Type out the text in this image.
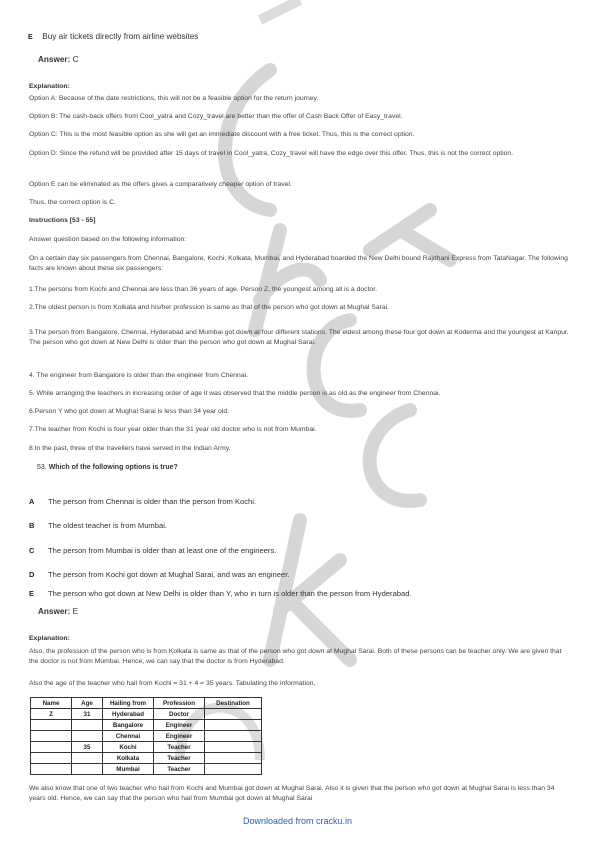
E Buy air tickets directly from airline websites
Answer: C
Explanation:
Option A: Because of the date restrictions, this will not be a feasible option for the return journey.
Option B: The cash-back offers from Cool_yatra and Cozy_travel are better than the offer of Cash Back Offer of Easy_travel.
Option C: This is the most feasible option as she will get an immediate discount with a free ticket. Thus, this is the correct option.
Option D: Since the refund will be provided after 15 days of travel in Cool_yatra, Cozy_travel will have the edge over this offer. Thus, this is not the correct option.
Option E can be eliminated as the offers gives a comparatively cheaper option of travel.
Thus, the correct option is C.
Instructions [53 - 55]
Answer question based on the following information:
On a certain day six passengers from Chennai, Bangalore, Kochi, Kolkata, Mumbai, and Hyderabad boarded the New Delhi bound Rajdhani Express from TataNagar. The following facts are known about these six passengers:
1.The persons from Kochi and Chennai are less than 36 years of age. Person Z, the youngest among all is a doctor.
2.The oldest person is from Kolkata and his/her profession is same as that of the person who got down at Mughal Sarai.
3.The person from Bangalore, Chennai, Hyderabad and Mumbai got down at four different stations. The eldest among these four got down at Koderma and the youngest at Kanpur. The person who got down at New Delhi is older than the person who got down at Mughal Sarai.
4. The engineer from Bangalore is older than the engineer from Chennai.
5. While arranging the teachers in increasing order of age it was observed that the middle person is as old as the engineer from Chennai.
6.Person Y who got down at Mughal Sarai is less than 34 year old.
7.The teacher from Kochi is four year older than the 31 year old doctor who is not from Mumbai.
8.In the past, three of the travellers have served in the Indian Army.
53. Which of the following options is true?
A The person from Chennai is older than the person from Kochi.
B The oldest teacher is from Mumbai.
C The person from Mumbai is older than at least one of the engineers.
D The person from Kochi got down at Mughal Sarai, and was an engineer.
E The person who got down at New Delhi is older than Y, who in turn is older than the person from Hyderabad.
Answer: E
Explanation:
Also, the profession of the person who is from Kolkata is same as that of the person who got down at Mughal Sarai. Both of these persons can be teacher only. We are given that the doctor is not from Mumbai. Hence, we can say that the doctor is from Hyderabad.
Also the age of the teacher who hail from Kochi = 31 + 4 = 35 years. Tabulating the information,
Name	Age	Hailing from	Profession	Destination
Z	31	Hyderabad	Doctor	
		Bangalore	Engineer	
		Chennai	Engineer	
	35	Kochi	Teacher	
		Kolkata	Teacher	
		Mumbai	Teacher	
We also know that one of two teacher who hail from Kochi and Mumbai got down at Mughal Sarai. Also it is given that the person who got down at Mughal Sarai is less than 34 years old. Hence, we can say that the person who hail from Mumbai got down at Mughal Sarai
Downloaded from cracku.in
